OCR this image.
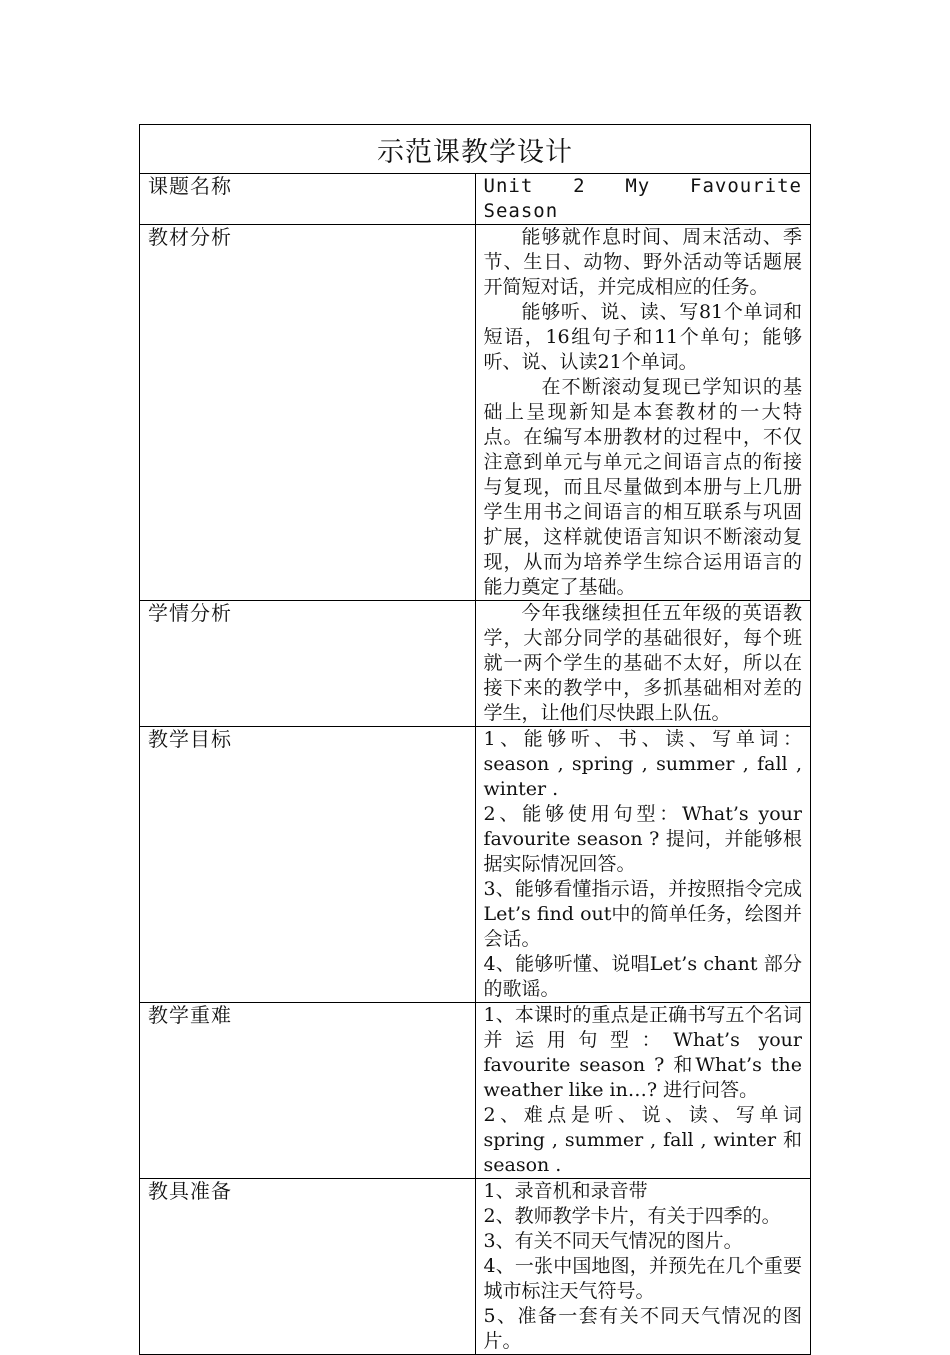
示范课教学设计	
课题名称	Unit 2 My Favourite Season
教材分析	能够就作息时间、周末活动、季节、生日、动物、野外活动等话题展开简短对话，并完成相应的任务。

能够听、说、读、写81个单词和短语，16组句子和11个单句；能够听、说、认读21个单词。

在不断滚动复现已学知识的基础上呈现新知是本套教材的一大特点。在编写本册教材的过程中，不仅注意到单元与单元之间语言点的衔接与复现，而且尽量做到本册与上几册学生用书之间语言的相互联系与巩固扩展，这样就使语言知识不断滚动复现，从而为培养学生综合运用语言的能力奠定了基础。

学情分析	今年我继续担任五年级的英语教学，大部分同学的基础很好，每个班就一两个学生的基础不太好，所以在接下来的教学中，多抓基础相对差的学生，让他们尽快跟上队伍。

教学目标	1、能够听、书、读、写单词：season , spring , summer , fall , winter .

2、能够使用句型：What’s your favourite season ? 提问，并能够根据实际情况回答。

3、能够看懂指示语，并按照指令完成Let’s find out中的简单任务，绘图并会话。

4、能够听懂、说唱Let’s chant 部分的歌谣。

教学重难	1、本课时的重点是正确书写五个名词并运用句型：What’s your favourite season ? 和What’s the weather like in…? 进行问答。

2、难点是听、说、读、写单词spring , summer , fall , winter 和season .

教具准备	1、录音机和录音带

2、教师教学卡片，有关于四季的。

3、有关不同天气情况的图片。

4、一张中国地图，并预先在几个重要城市标注天气符号。

5、准备一套有关不同天气情况的图片。
